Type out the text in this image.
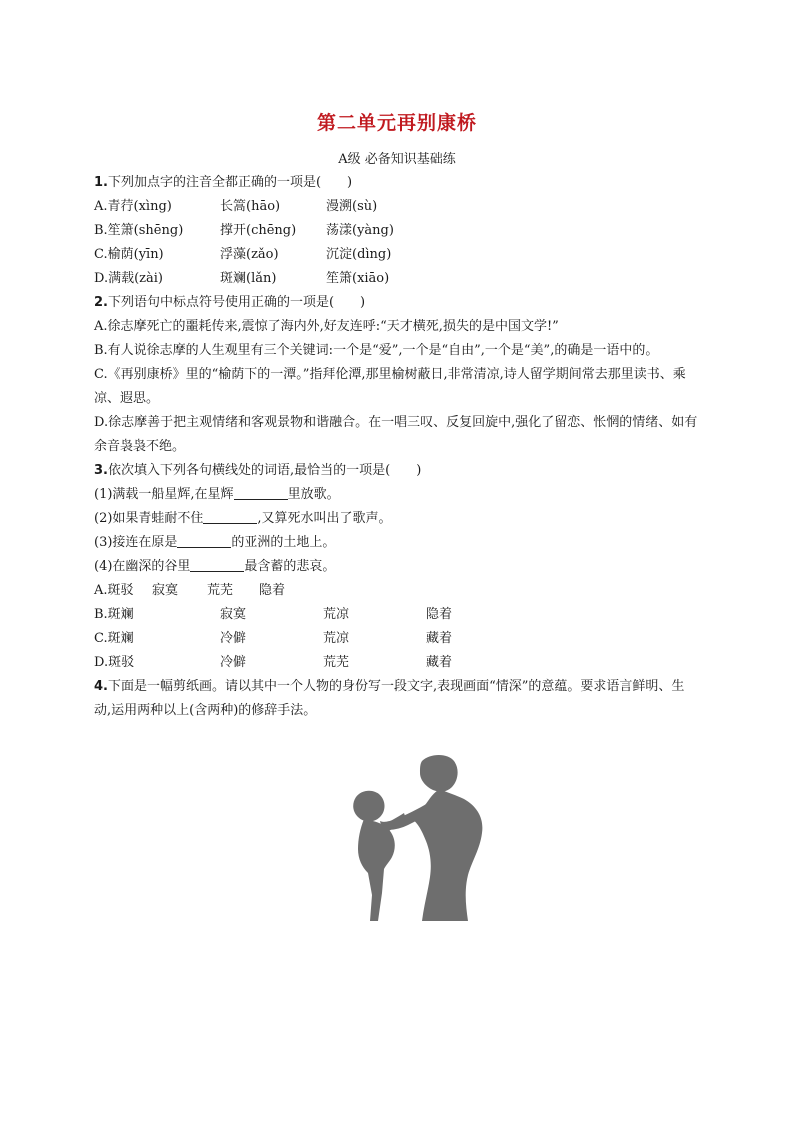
第二单元再别康桥
A级 必备知识基础练

1.下列加点字的注音全都正确的一项是(　　)

A.青荇(xìng)	长篙(hāo)	漫溯(sù)
B.笙箫(shēng)	撑开(chēng)	荡漾(yàng)
C.榆荫(yīn)	浮藻(zǎo)	沉淀(dìng)
D.满载(zài)	斑斓(lǎn)	笙箫(xiāo)

2.下列语句中标点符号使用正确的一项是(　　)

A.徐志摩死亡的噩耗传来,震惊了海内外,好友连呼:“天才横死,损失的是中国文学!”

B.有人说徐志摩的人生观里有三个关键词:一个是“爱”,一个是“自由”,一个是“美”,的确是一语中的。

C.《再别康桥》里的“榆荫下的一潭。”指拜伦潭,那里榆树蔽日,非常清凉,诗人留学期间常去那里读书、乘凉、遐思。

D.徐志摩善于把主观情绪和客观景物和谐融合。在一唱三叹、反复回旋中,强化了留恋、怅惘的情绪、如有余音袅袅不绝。

3.依次填入下列各句横线处的词语,最恰当的一项是(　　)

(1)满载一船星辉,在星辉	里放歌。

(2)如果青蛙耐不住	,又算死水叫出了歌声。

(3)接连在原是	的亚洲的土地上。

(4)在幽深的谷里	最含蓄的悲哀。

A.斑驳	寂寞	荒芜	隐着
B.斑斓	寂寞	荒凉	隐着
C.斑斓	冷僻	荒凉	藏着
D.斑驳	冷僻	荒芜	藏着

4.下面是一幅剪纸画。请以其中一个人物的身份写一段文字,表现画面“情深”的意蕴。要求语言鲜明、生动,运用两种以上(含两种)的修辞手法。
